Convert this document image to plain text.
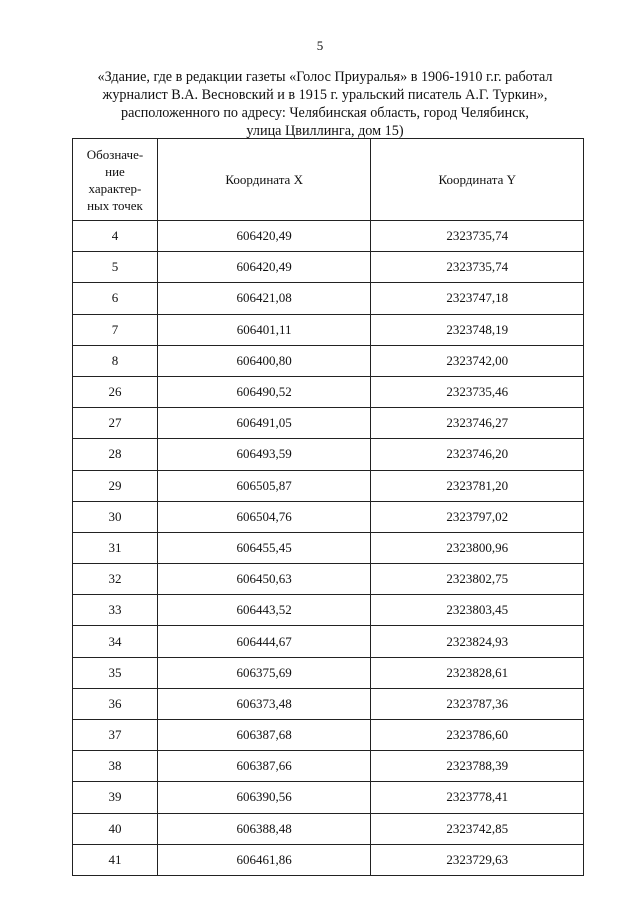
5
«Здание, где в редакции газеты «Голос Приуралья» в 1906-1910 г.г. работал
журналист В.А. Весновский и в 1915 г. уральский писатель А.Г. Туркин»,
расположенного по адресу: Челябинская область, город Челябинск,
улица Цвиллинга, дом 15)
Обозначе-
ние
характер-
ных точек	Координата X	Координата Y
4	606420,49	2323735,74
5	606420,49	2323735,74
6	606421,08	2323747,18
7	606401,11	2323748,19
8	606400,80	2323742,00
26	606490,52	2323735,46
27	606491,05	2323746,27
28	606493,59	2323746,20
29	606505,87	2323781,20
30	606504,76	2323797,02
31	606455,45	2323800,96
32	606450,63	2323802,75
33	606443,52	2323803,45
34	606444,67	2323824,93
35	606375,69	2323828,61
36	606373,48	2323787,36
37	606387,68	2323786,60
38	606387,66	2323788,39
39	606390,56	2323778,41
40	606388,48	2323742,85
41	606461,86	2323729,63
